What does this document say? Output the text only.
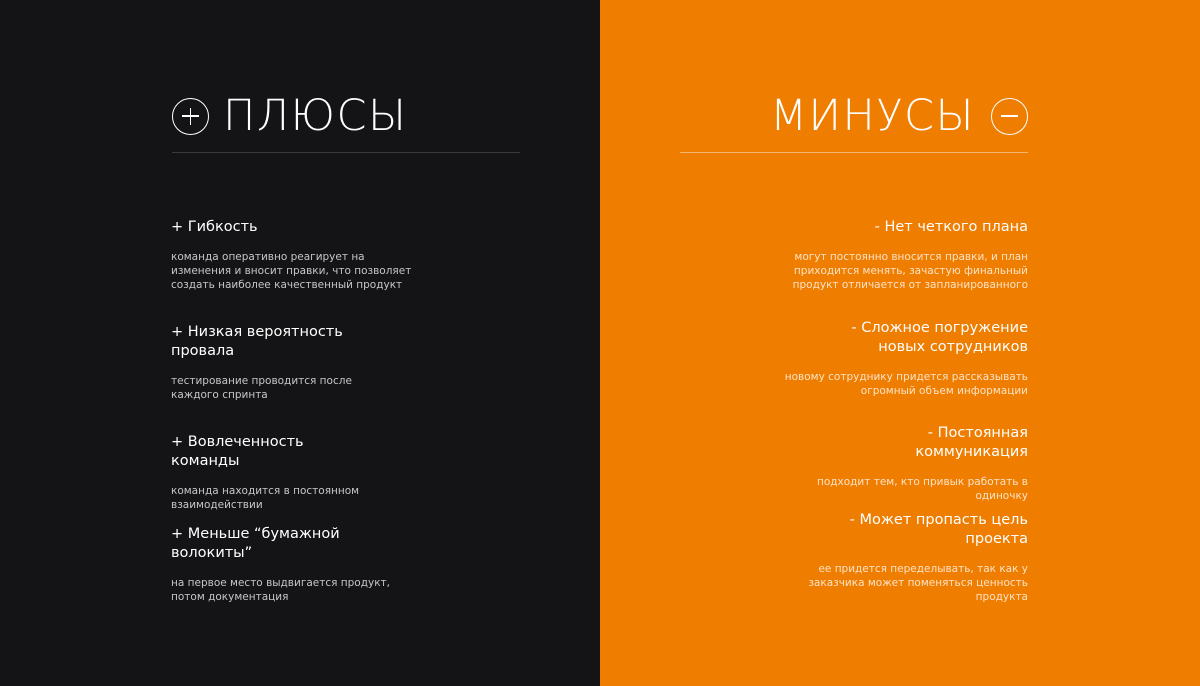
ПЛЮСЫ
+ Гибкость
команда оперативно реагирует на
изменения и вносит правки, что позволяет
создать наиболее качественный продукт
+ Низкая вероятность
провала
тестирование проводится после
каждого спринта
+ Вовлеченность
команды
команда находится в постоянном
взаимодействии
+ Меньше “бумажной
волокиты”
на первое место выдвигается продукт,
потом документация
МИНУСЫ
- Нет четкого плана
могут постоянно вносится правки, и план
приходится менять, зачастую финальный
продукт отличается от запланированного
- Сложное погружение
новых сотрудников
новому сотруднику придется рассказывать
огромный объем информации
- Постоянная
коммуникация
подходит тем, кто привык работать в
одиночку
- Может пропасть цель
проекта
ее придется переделывать, так как у
заказчика может поменяться ценность
продукта
